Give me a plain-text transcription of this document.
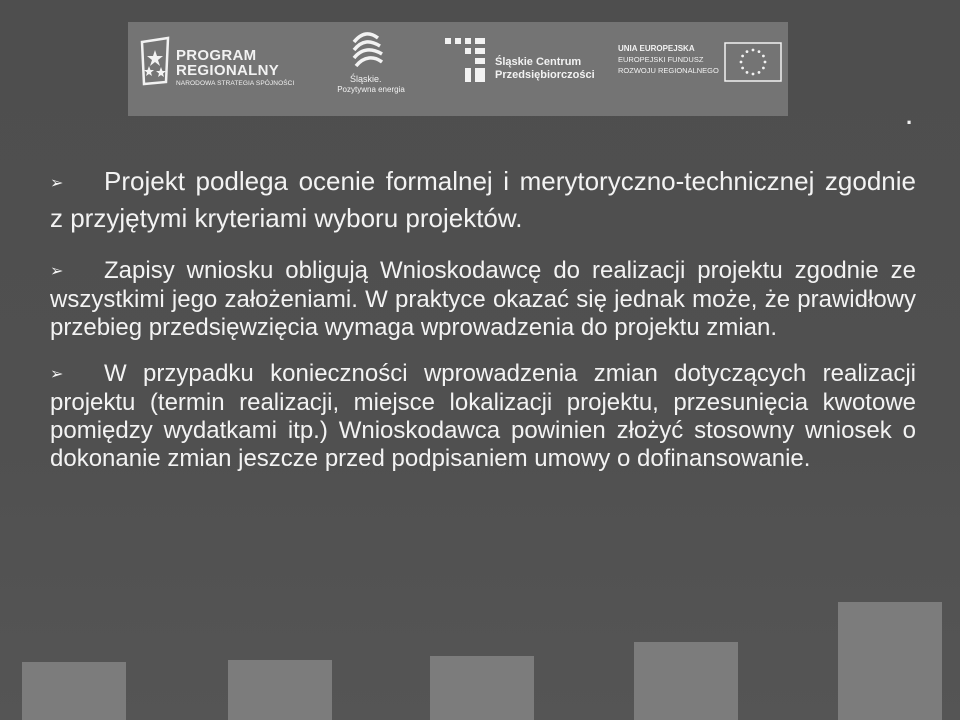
PROGRAM
REGIONALNY
NARODOWA STRATEGIA SPÓJNOŚCI	Śląskie.
Pozytywna energia
Śląskie Centrum
Przedsiębiorczości
UNIA EUROPEJSKA
EUROPEJSKI FUNDUSZ
ROZWOJU REGIONALNEGO
.

➢ Projekt podlega ocenie formalnej i merytoryczno-technicznej zgodnie z przyjętymi kryteriami wyboru projektów.

➢ Zapisy wniosku obligują Wnioskodawcę do realizacji projektu zgodnie ze wszystkimi jego założeniami. W praktyce okazać się jednak może, że prawidłowy przebieg przedsięwzięcia wymaga wprowadzenia do projektu zmian.

➢ W przypadku konieczności wprowadzenia zmian dotyczących realizacji projektu (termin realizacji, miejsce lokalizacji projektu, przesunięcia kwotowe pomiędzy wydatkami itp.) Wnioskodawca powinien złożyć stosowny wniosek o dokonanie zmian jeszcze przed podpisaniem umowy o dofinansowanie.
